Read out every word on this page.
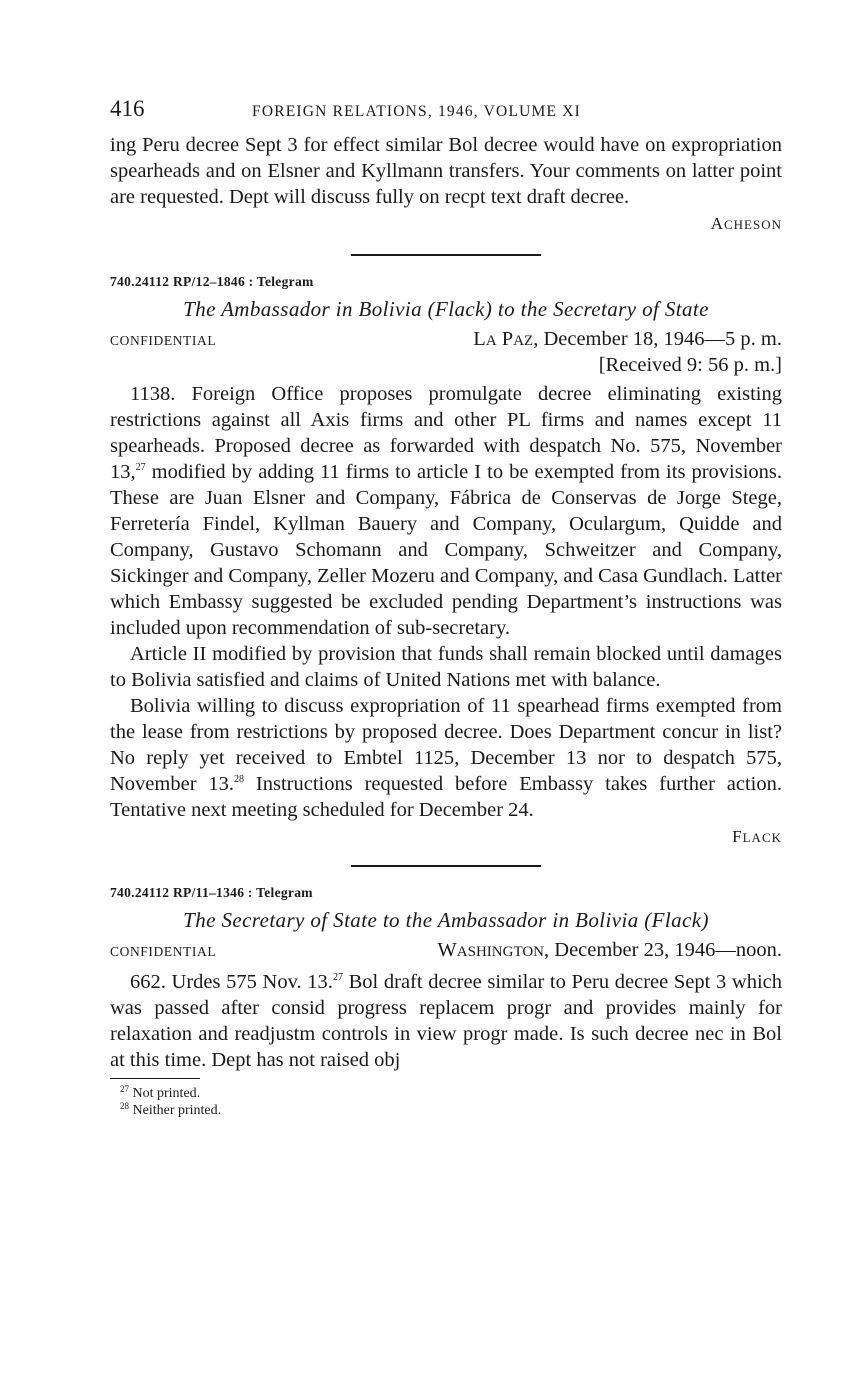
416	FOREIGN RELATIONS, 1946, VOLUME XI

ing Peru decree Sept 3 for effect similar Bol decree would have on expropriation spearheads and on Elsner and Kyllmann transfers. Your comments on latter point are requested. Dept will discuss fully on recpt text draft decree.

ACHESON
740.24112 RP/12–1846 : Telegram
The Ambassador in Bolivia (Flack) to the Secretary of State
CONFIDENTIAL	LA PAZ, December 18, 1946—5 p. m.
[Received 9: 56 p. m.]

1138. Foreign Office proposes promulgate decree eliminating existing restrictions against all Axis firms and other PL firms and names except 11 spearheads. Proposed decree as forwarded with despatch No. 575, November 13,27 modified by adding 11 firms to article I to be exempted from its provisions. These are Juan Elsner and Company, Fábrica de Conservas de Jorge Stege, Ferretería Findel, Kyllman Bauery and Company, Oculargum, Quidde and Company, Gustavo Schomann and Company, Schweitzer and Company, Sickinger and Company, Zeller Mozeru and Company, and Casa Gundlach. Latter which Embassy suggested be excluded pending Department’s instructions was included upon recommendation of sub-secretary.

Article II modified by provision that funds shall remain blocked until damages to Bolivia satisfied and claims of United Nations met with balance.

Bolivia willing to discuss expropriation of 11 spearhead firms exempted from the lease from restrictions by proposed decree. Does Department concur in list? No reply yet received to Embtel 1125, December 13 nor to despatch 575, November 13.28 Instructions requested before Embassy takes further action. Tentative next meeting scheduled for December 24.

FLACK
740.24112 RP/11–1346 : Telegram
The Secretary of State to the Ambassador in Bolivia (Flack)
CONFIDENTIAL	WASHINGTON, December 23, 1946—noon.

662. Urdes 575 Nov. 13.27 Bol draft decree similar to Peru decree Sept 3 which was passed after consid progress replacem progr and provides mainly for relaxation and readjustm controls in view progr made. Is such decree nec in Bol at this time. Dept has not raised obj

$^{27}$ Not printed.
$^{28}$ Neither printed.
